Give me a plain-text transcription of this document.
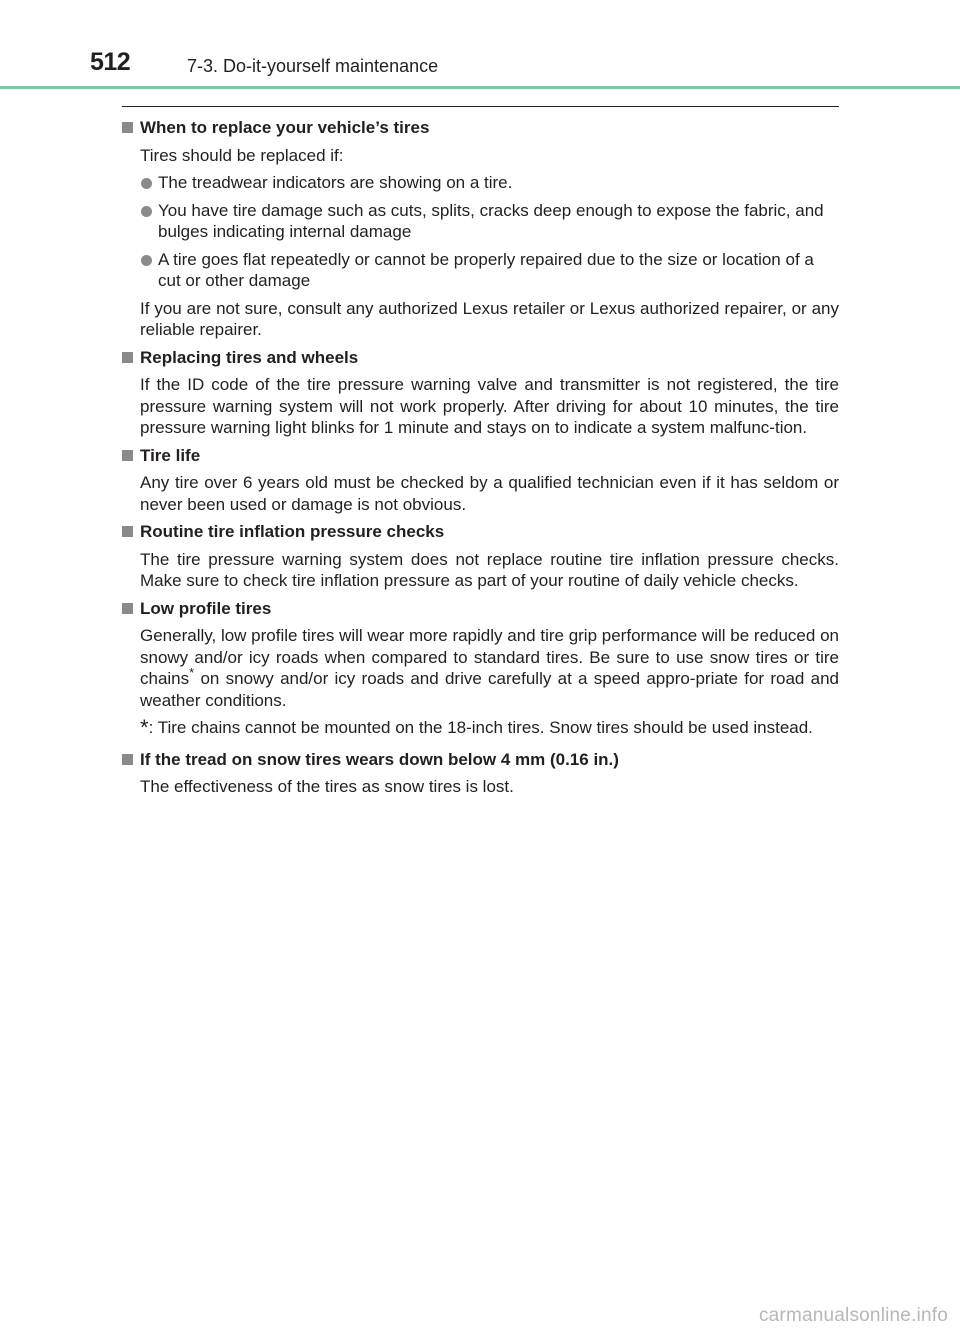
512	7-3. Do-it-yourself maintenance
When to replace your vehicle’s tires
Tires should be replaced if:
The treadwear indicators are showing on a tire.
You have tire damage such as cuts, splits, cracks deep enough to expose the fabric, and bulges indicating internal damage
A tire goes flat repeatedly or cannot be properly repaired due to the size or location of a cut or other damage
If you are not sure, consult any authorized Lexus retailer or Lexus authorized repairer, or any reliable repairer.
Replacing tires and wheels
If the ID code of the tire pressure warning valve and transmitter is not registered, the tire pressure warning system will not work properly. After driving for about 10 minutes, the tire pressure warning light blinks for 1 minute and stays on to indicate a system malfunc-tion.
Tire life
Any tire over 6 years old must be checked by a qualified technician even if it has seldom or never been used or damage is not obvious.
Routine tire inflation pressure checks
The tire pressure warning system does not replace routine tire inflation pressure checks. Make sure to check tire inflation pressure as part of your routine of daily vehicle checks.
Low profile tires
Generally, low profile tires will wear more rapidly and tire grip performance will be reduced on snowy and/or icy roads when compared to standard tires. Be sure to use snow tires or tire chains* on snowy and/or icy roads and drive carefully at a speed appro-priate for road and weather conditions.
*: Tire chains cannot be mounted on the 18-inch tires. Snow tires should be used instead.
If the tread on snow tires wears down below 4 mm (0.16 in.)
The effectiveness of the tires as snow tires is lost.
carmanualsonline.info
